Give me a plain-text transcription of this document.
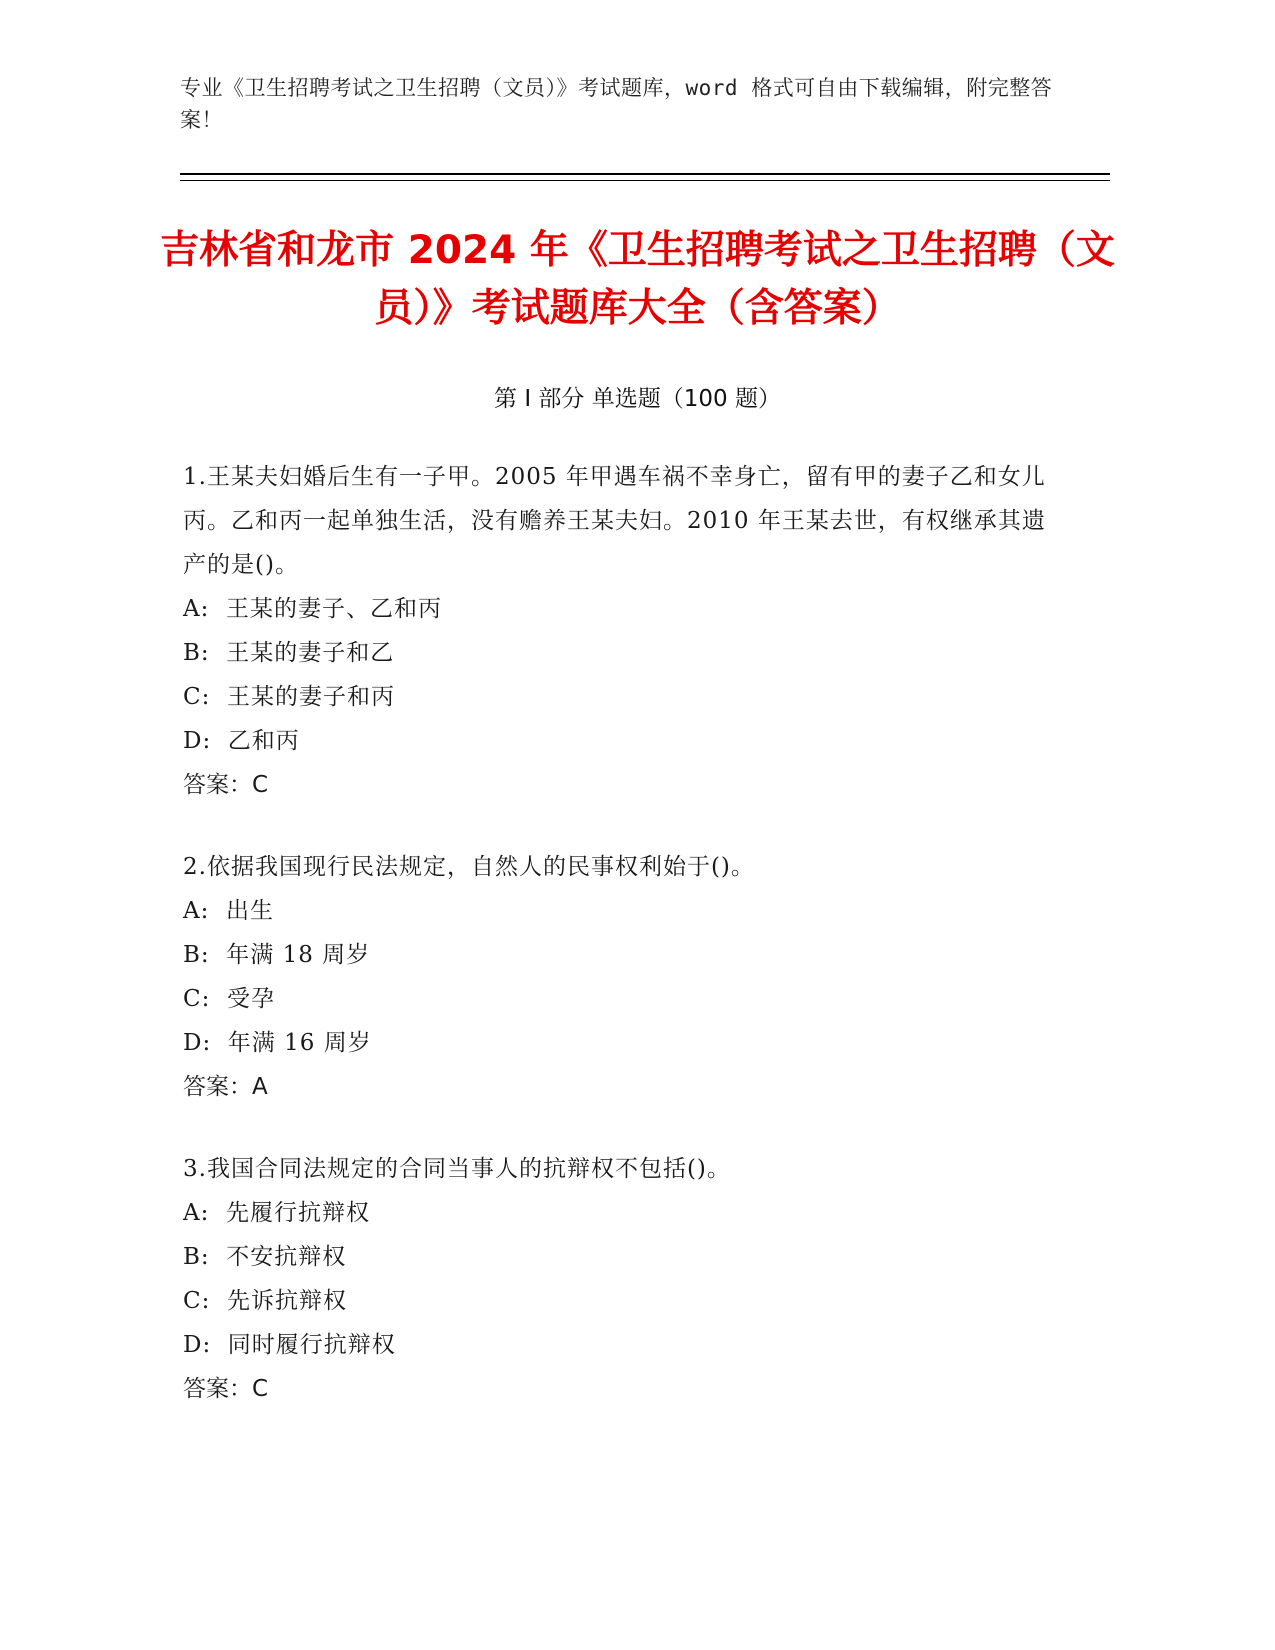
专业《卫生招聘考试之卫生招聘（文员）》考试题库，word 格式可自由下载编辑，附完整答案！
吉林省和龙市 2024 年《卫生招聘考试之卫生招聘（文员）》考试题库大全（含答案）
第 I 部分 单选题（100 题）
1.王某夫妇婚后生有一子甲。2005 年甲遇车祸不幸身亡，留有甲的妻子乙和女儿丙。乙和丙一起单独生活，没有赡养王某夫妇。2010 年王某去世，有权继承其遗产的是()。
A:  王某的妻子、乙和丙
B:  王某的妻子和乙
C:  王某的妻子和丙
D:  乙和丙
答案：C
2.依据我国现行民法规定，自然人的民事权利始于()。
A:  出生
B:  年满 18 周岁
C:  受孕
D:  年满 16 周岁
答案：A
3.我国合同法规定的合同当事人的抗辩权不包括()。
A:  先履行抗辩权
B:  不安抗辩权
C:  先诉抗辩权
D:  同时履行抗辩权
答案：C
